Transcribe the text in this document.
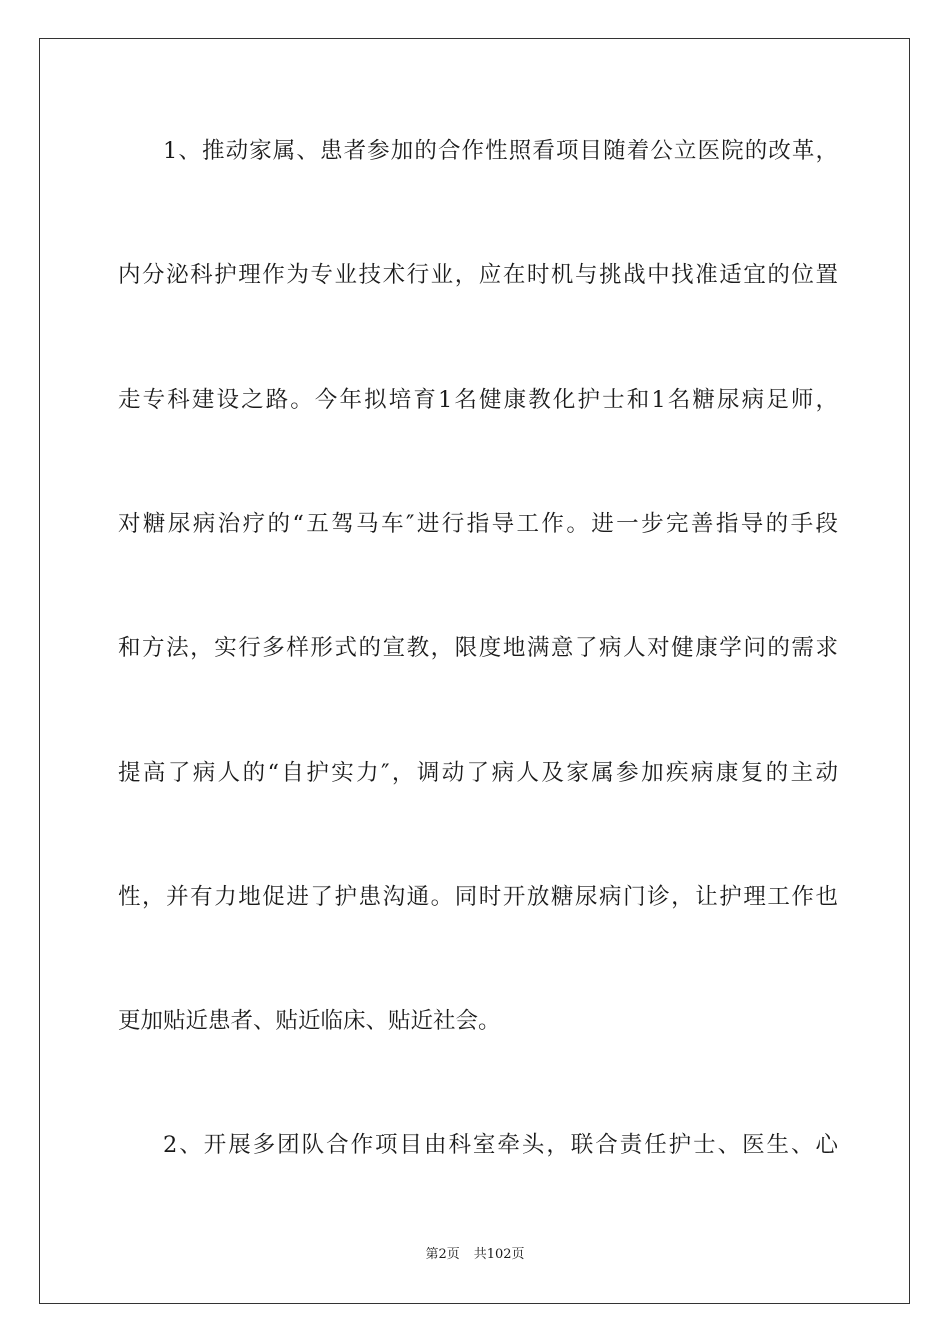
1、推动家属、患者参加的合作性照看项目随着公立医院的改革，
内分泌科护理作为专业技术行业，应在时机与挑战中找准适宜的位置
走专科建设之路。今年拟培育1名健康教化护士和1名糖尿病足师，
对糖尿病治疗的“五驾马车″进行指导工作。进一步完善指导的手段
和方法，实行多样形式的宣教，限度地满意了病人对健康学问的需求
提高了病人的“自护实力″，调动了病人及家属参加疾病康复的主动
性，并有力地促进了护患沟通。同时开放糖尿病门诊，让护理工作也
更加贴近患者、贴近临床、贴近社会。
2、开展多团队合作项目由科室牵头，联合责任护士、医生、心
第2页 共102页
